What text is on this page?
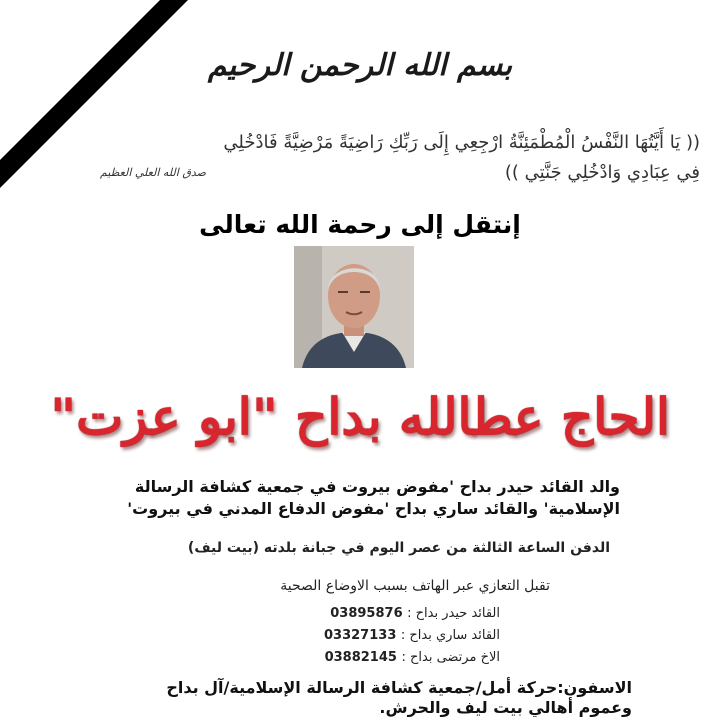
بسم الله الرحمن الرحيم
(( يَا أَيَّتُهَا النَّفْسُ الْمُطْمَئِنَّةُ ارْجِعِي إِلَى رَبِّكِ رَاضِيَةً مَرْضِيَّةً فَادْخُلِي
فِي عِبَادِي وَادْخُلِي جَنَّتِي ))
صدق الله العلي العظيم
إنتقل إلى رحمة الله تعالى
الحاج عطالله بداح "ابو عزت"
والد القائد حيدر بداح 'مفوض بيروت في جمعية كشافة الرسالة
الإسلامية' والقائد ساري بداح 'مفوض الدفاع المدني في بيروت'
الدفن الساعة الثالثة من عصر اليوم في جبانة بلدته (بيت ليف)
تقبل التعازي عبر الهاتف بسبب الاوضاع الصحية
القائد حيدر بداح : 03895876
القائد ساري بداح : 03327133
الاخ مرتضى بداح : 03882145
الاسفون:حركة أمل/جمعية كشافة الرسالة الإسلامية/آل بداح
وعموم أهالي بيت ليف والحرش.
